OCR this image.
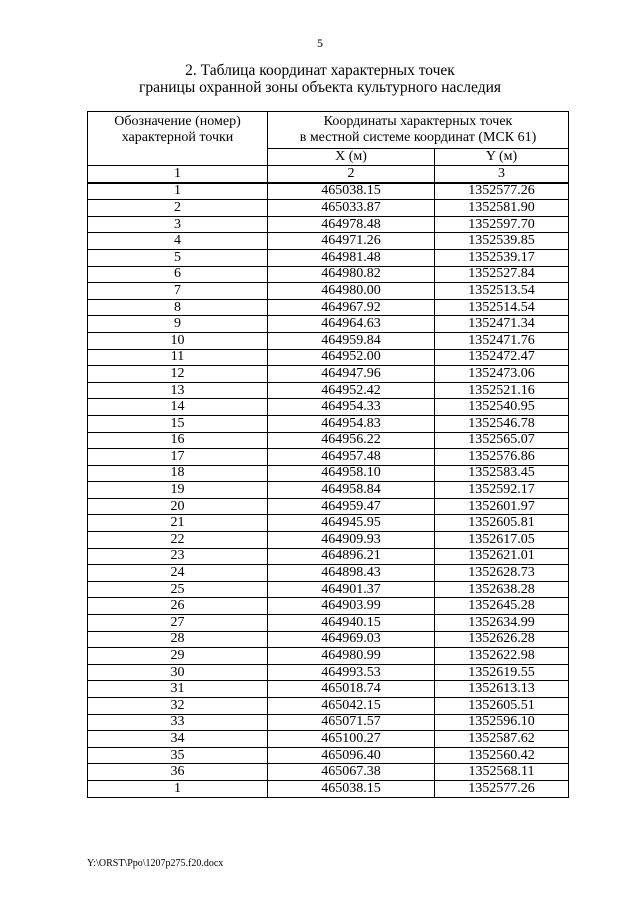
5
2. Таблица координат характерных точек
границы охранной зоны объекта культурного наследия
Обозначение (номер) характерной точки	Координаты характерных точек
в местной системе координат (МСК 61)	

	X (м)	Y (м)
1	2	3
1	465038.15	1352577.26
2	465033.87	1352581.90
3	464978.48	1352597.70
4	464971.26	1352539.85
5	464981.48	1352539.17
6	464980.82	1352527.84
7	464980.00	1352513.54
8	464967.92	1352514.54
9	464964.63	1352471.34
10	464959.84	1352471.76
11	464952.00	1352472.47
12	464947.96	1352473.06
13	464952.42	1352521.16
14	464954.33	1352540.95
15	464954.83	1352546.78
16	464956.22	1352565.07
17	464957.48	1352576.86
18	464958.10	1352583.45
19	464958.84	1352592.17
20	464959.47	1352601.97
21	464945.95	1352605.81
22	464909.93	1352617.05
23	464896.21	1352621.01
24	464898.43	1352628.73
25	464901.37	1352638.28
26	464903.99	1352645.28
27	464940.15	1352634.99
28	464969.03	1352626.28
29	464980.99	1352622.98
30	464993.53	1352619.55
31	465018.74	1352613.13
32	465042.15	1352605.51
33	465071.57	1352596.10
34	465100.27	1352587.62
35	465096.40	1352560.42
36	465067.38	1352568.11
1	465038.15	1352577.26
Y:\ORST\Ppo\1207p275.f20.docx
